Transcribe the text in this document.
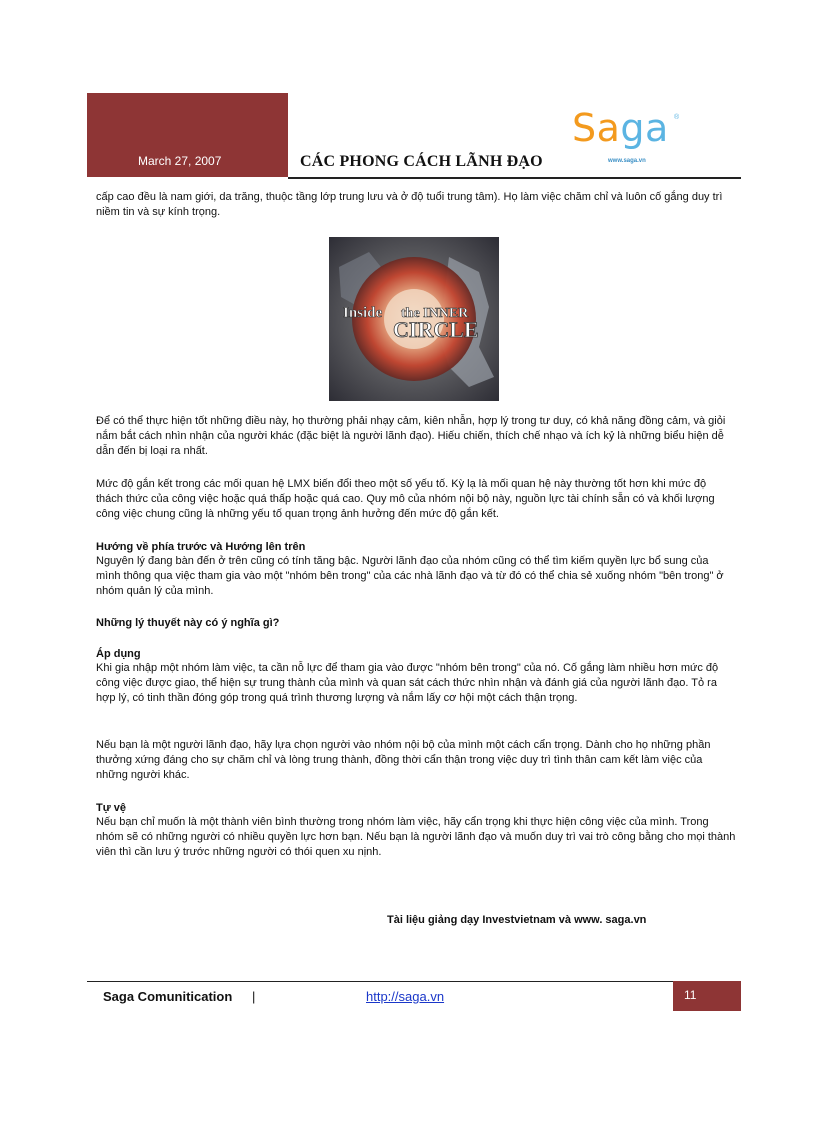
March 27, 2007	CÁC PHONG CÁCH LÃNH ĐẠO
Saga ®
www.saga.vn

cấp cao đều là nam giới, da trăng, thuộc tầng lớp trung lưu và ở độ tuổi trung tâm). Họ làm việc chăm chỉ và luôn cố gắng duy trì niềm tin và sự kính trọng.

Inside the INNER
CIRCLE

Để có thể thực hiện tốt những điều này, họ thường phải nhạy cảm, kiên nhẫn, hợp lý trong tư duy, có khả năng đồng cảm, và giỏi nắm bắt cách nhìn nhận của người khác (đặc biệt là người lãnh đạo). Hiếu chiến, thích chế nhạo và ích kỷ là những biểu hiện dễ dẫn đến bị loại ra nhất.

Mức độ gắn kết trong các mối quan hệ LMX biến đổi theo một số yếu tố. Kỳ lạ là mối quan hệ này thường tốt hơn khi mức độ thách thức của công việc hoặc quá thấp hoặc quá cao. Quy mô của nhóm nội bộ này, nguồn lực tài chính sẵn có và khối lượng công việc chung cũng là những yếu tố quan trọng ảnh hưởng đến mức độ gắn kết.

Hướng về phía trước và Hướng lên trên

Nguyên lý đang bàn đến ở trên cũng có tính tăng bậc. Người lãnh đạo của nhóm cũng có thể tìm kiếm quyền lực bổ sung của mình thông qua việc tham gia vào một "nhóm bên trong" của các nhà lãnh đạo và từ đó có thể chia sẻ xuống nhóm "bên trong" ở nhóm quản lý của mình.

Những lý thuyết này có ý nghĩa gì?

Áp dụng

Khi gia nhập một nhóm làm việc, ta cần nỗ lực để tham gia vào được "nhóm bên trong" của nó. Cố gắng làm nhiều hơn mức độ công việc được giao, thể hiện sự trung thành của mình và quan sát cách thức nhìn nhận và đánh giá của người lãnh đạo. Tỏ ra hợp lý, có tinh thần đóng góp trong quá trình thương lượng và nắm lấy cơ hội một cách thận trọng.

Nếu bạn là một người lãnh đạo, hãy lựa chọn người vào nhóm nội bộ của mình một cách cẩn trọng. Dành cho họ những phần thưởng xứng đáng cho sự chăm chỉ và lòng trung thành, đồng thời cẩn thận trong việc duy trì tình thân cam kết làm việc của những người khác.

Tự vệ

Nếu bạn chỉ muốn là một thành viên bình thường trong nhóm làm việc, hãy cẩn trọng khi thực hiện công việc của mình. Trong nhóm sẽ có những người có nhiều quyền lực hơn bạn. Nếu bạn là người lãnh đạo và muốn duy trì vai trò công bằng cho mọi thành viên thì cần lưu ý trước những người có thói quen xu nịnh.

Tài liệu giảng dạy Investvietnam và www. saga.vn
Saga Comunitication |	http://saga.vn	11
